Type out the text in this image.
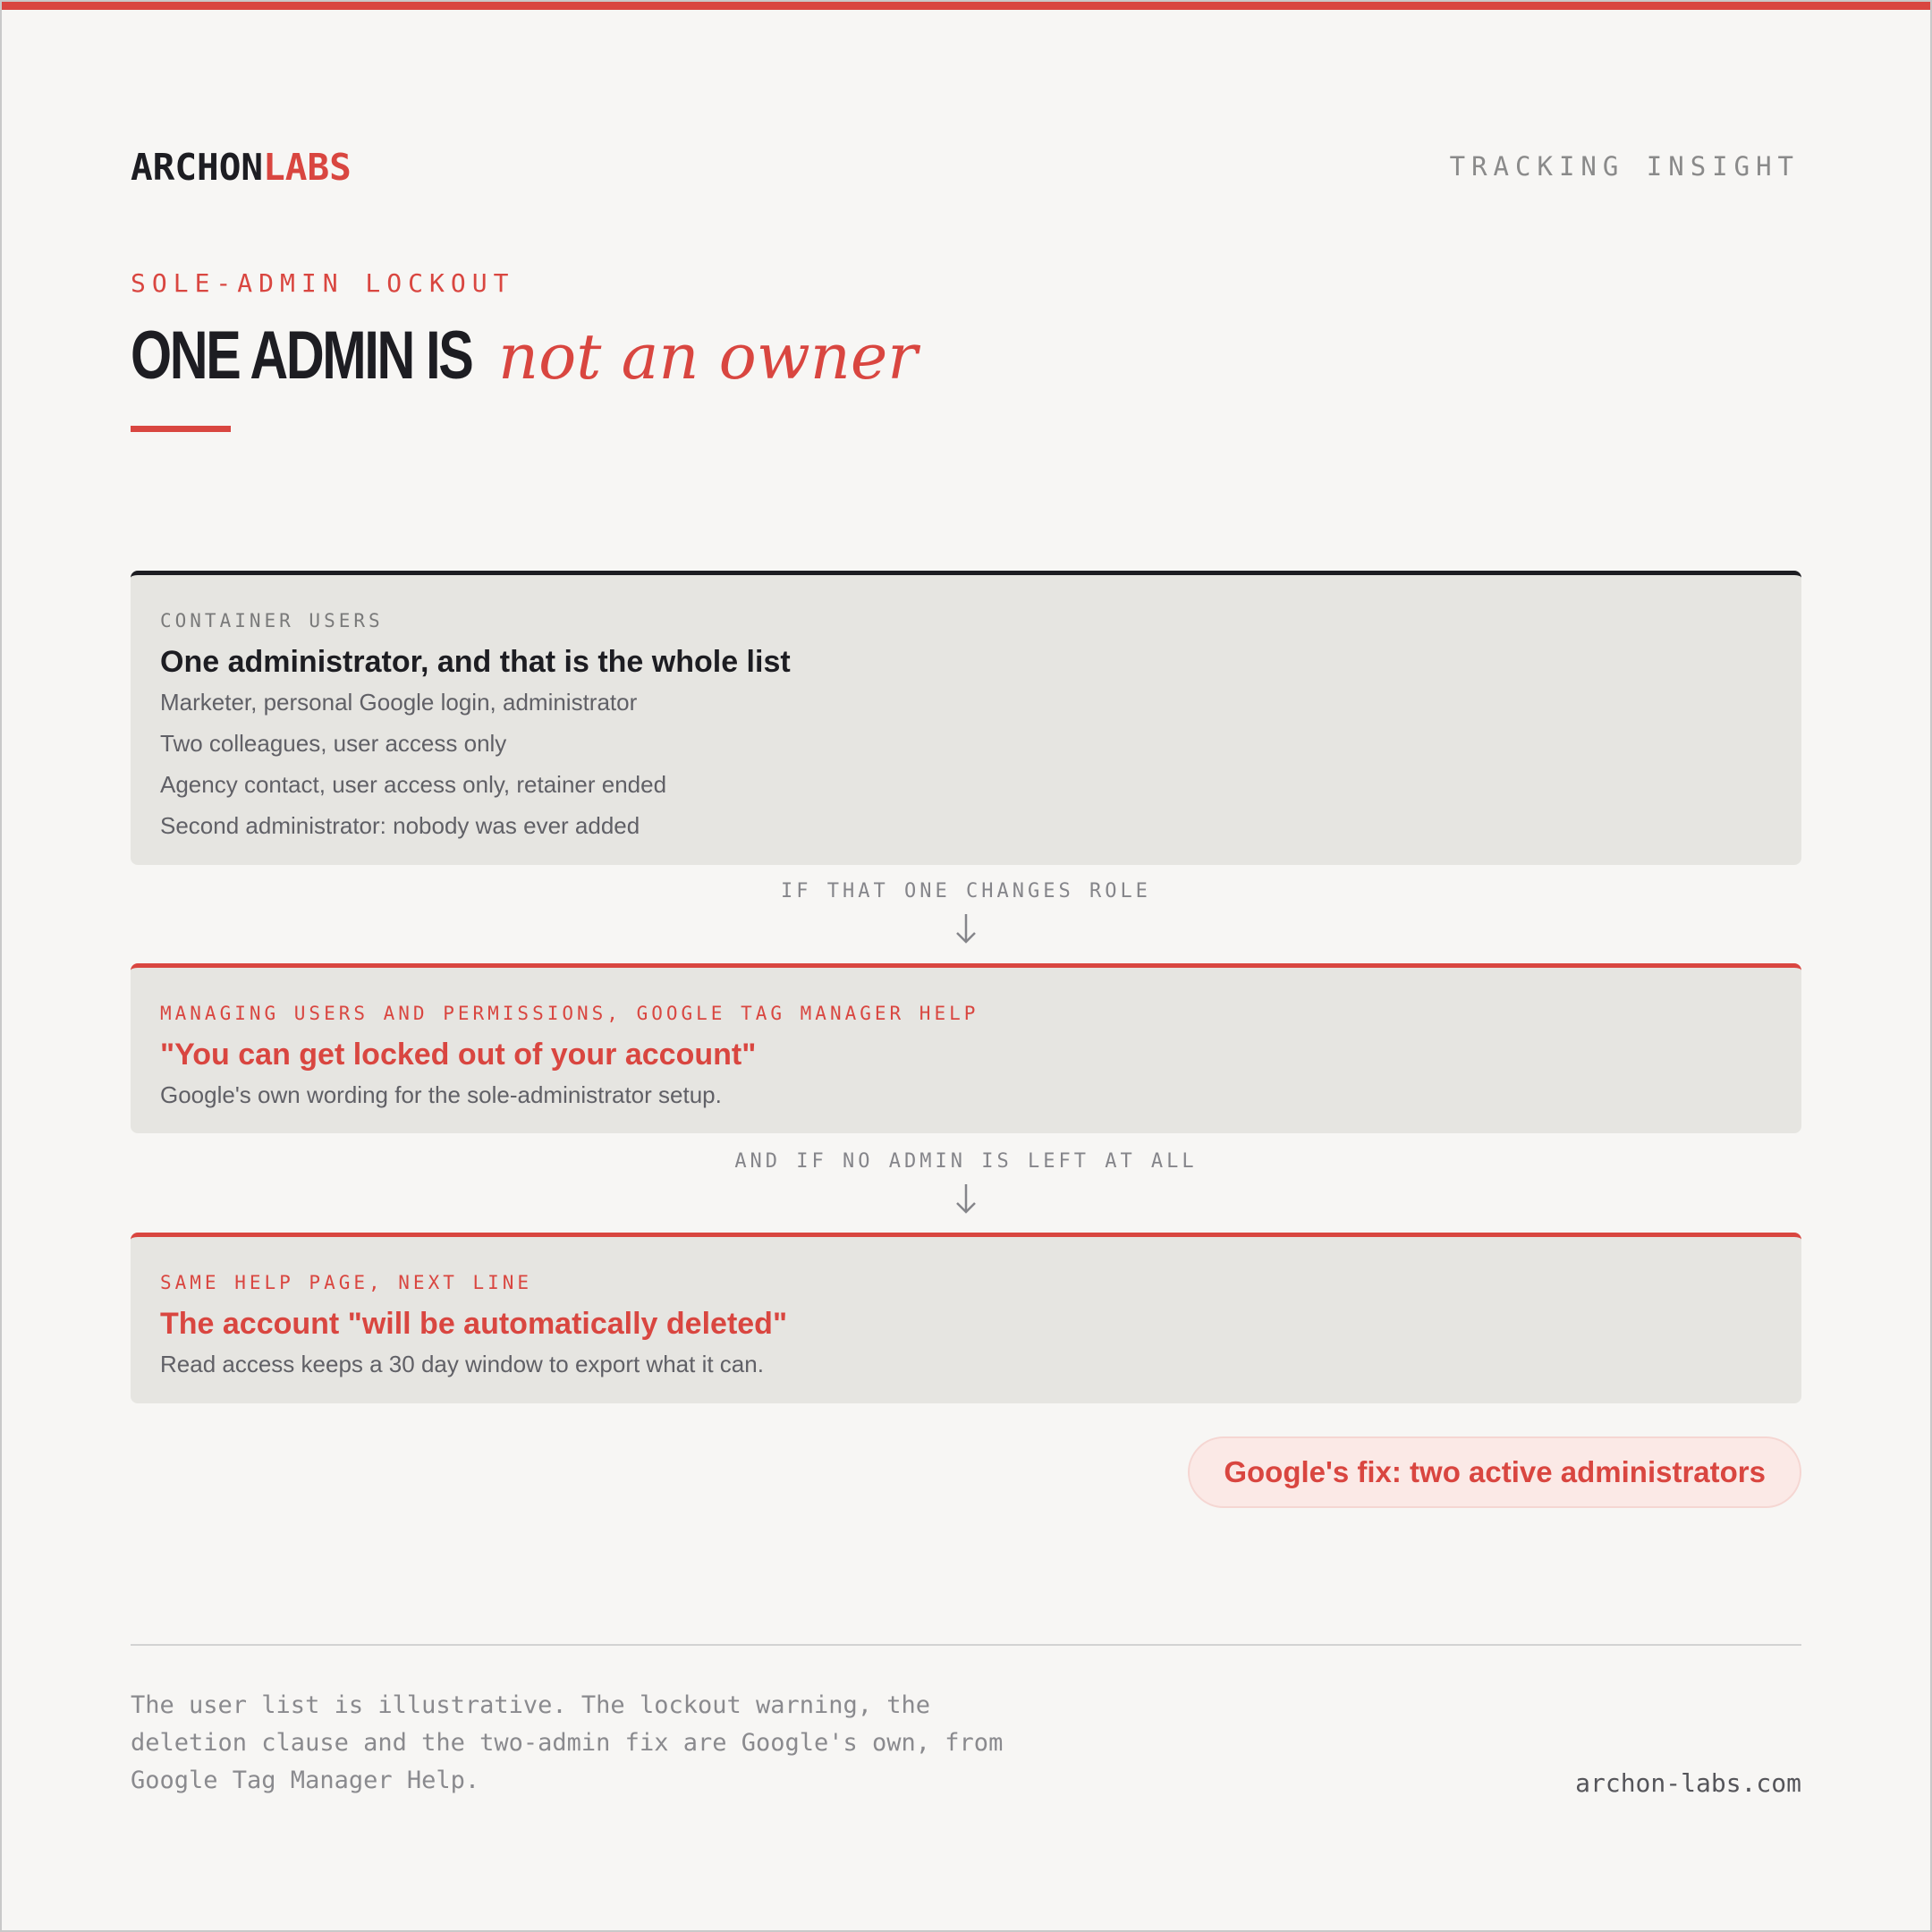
ARCHONLABS	TRACKING INSIGHT
SOLE-ADMIN LOCKOUT
ONE ADMIN IS not an owner
CONTAINER USERS
One administrator, and that is the whole list
Marketer, personal Google login, administrator
Two colleagues, user access only
Agency contact, user access only, retainer ended
Second administrator: nobody was ever added
IF THAT ONE CHANGES ROLE
MANAGING USERS AND PERMISSIONS, GOOGLE TAG MANAGER HELP
"You can get locked out of your account"
Google's own wording for the sole-administrator setup.
AND IF NO ADMIN IS LEFT AT ALL
SAME HELP PAGE, NEXT LINE
The account "will be automatically deleted"
Read access keeps a 30 day window to export what it can.
Google's fix: two active administrators
The user list is illustrative. The lockout warning, the deletion clause and the two-admin fix are Google's own, from Google Tag Manager Help.	archon-labs.com
